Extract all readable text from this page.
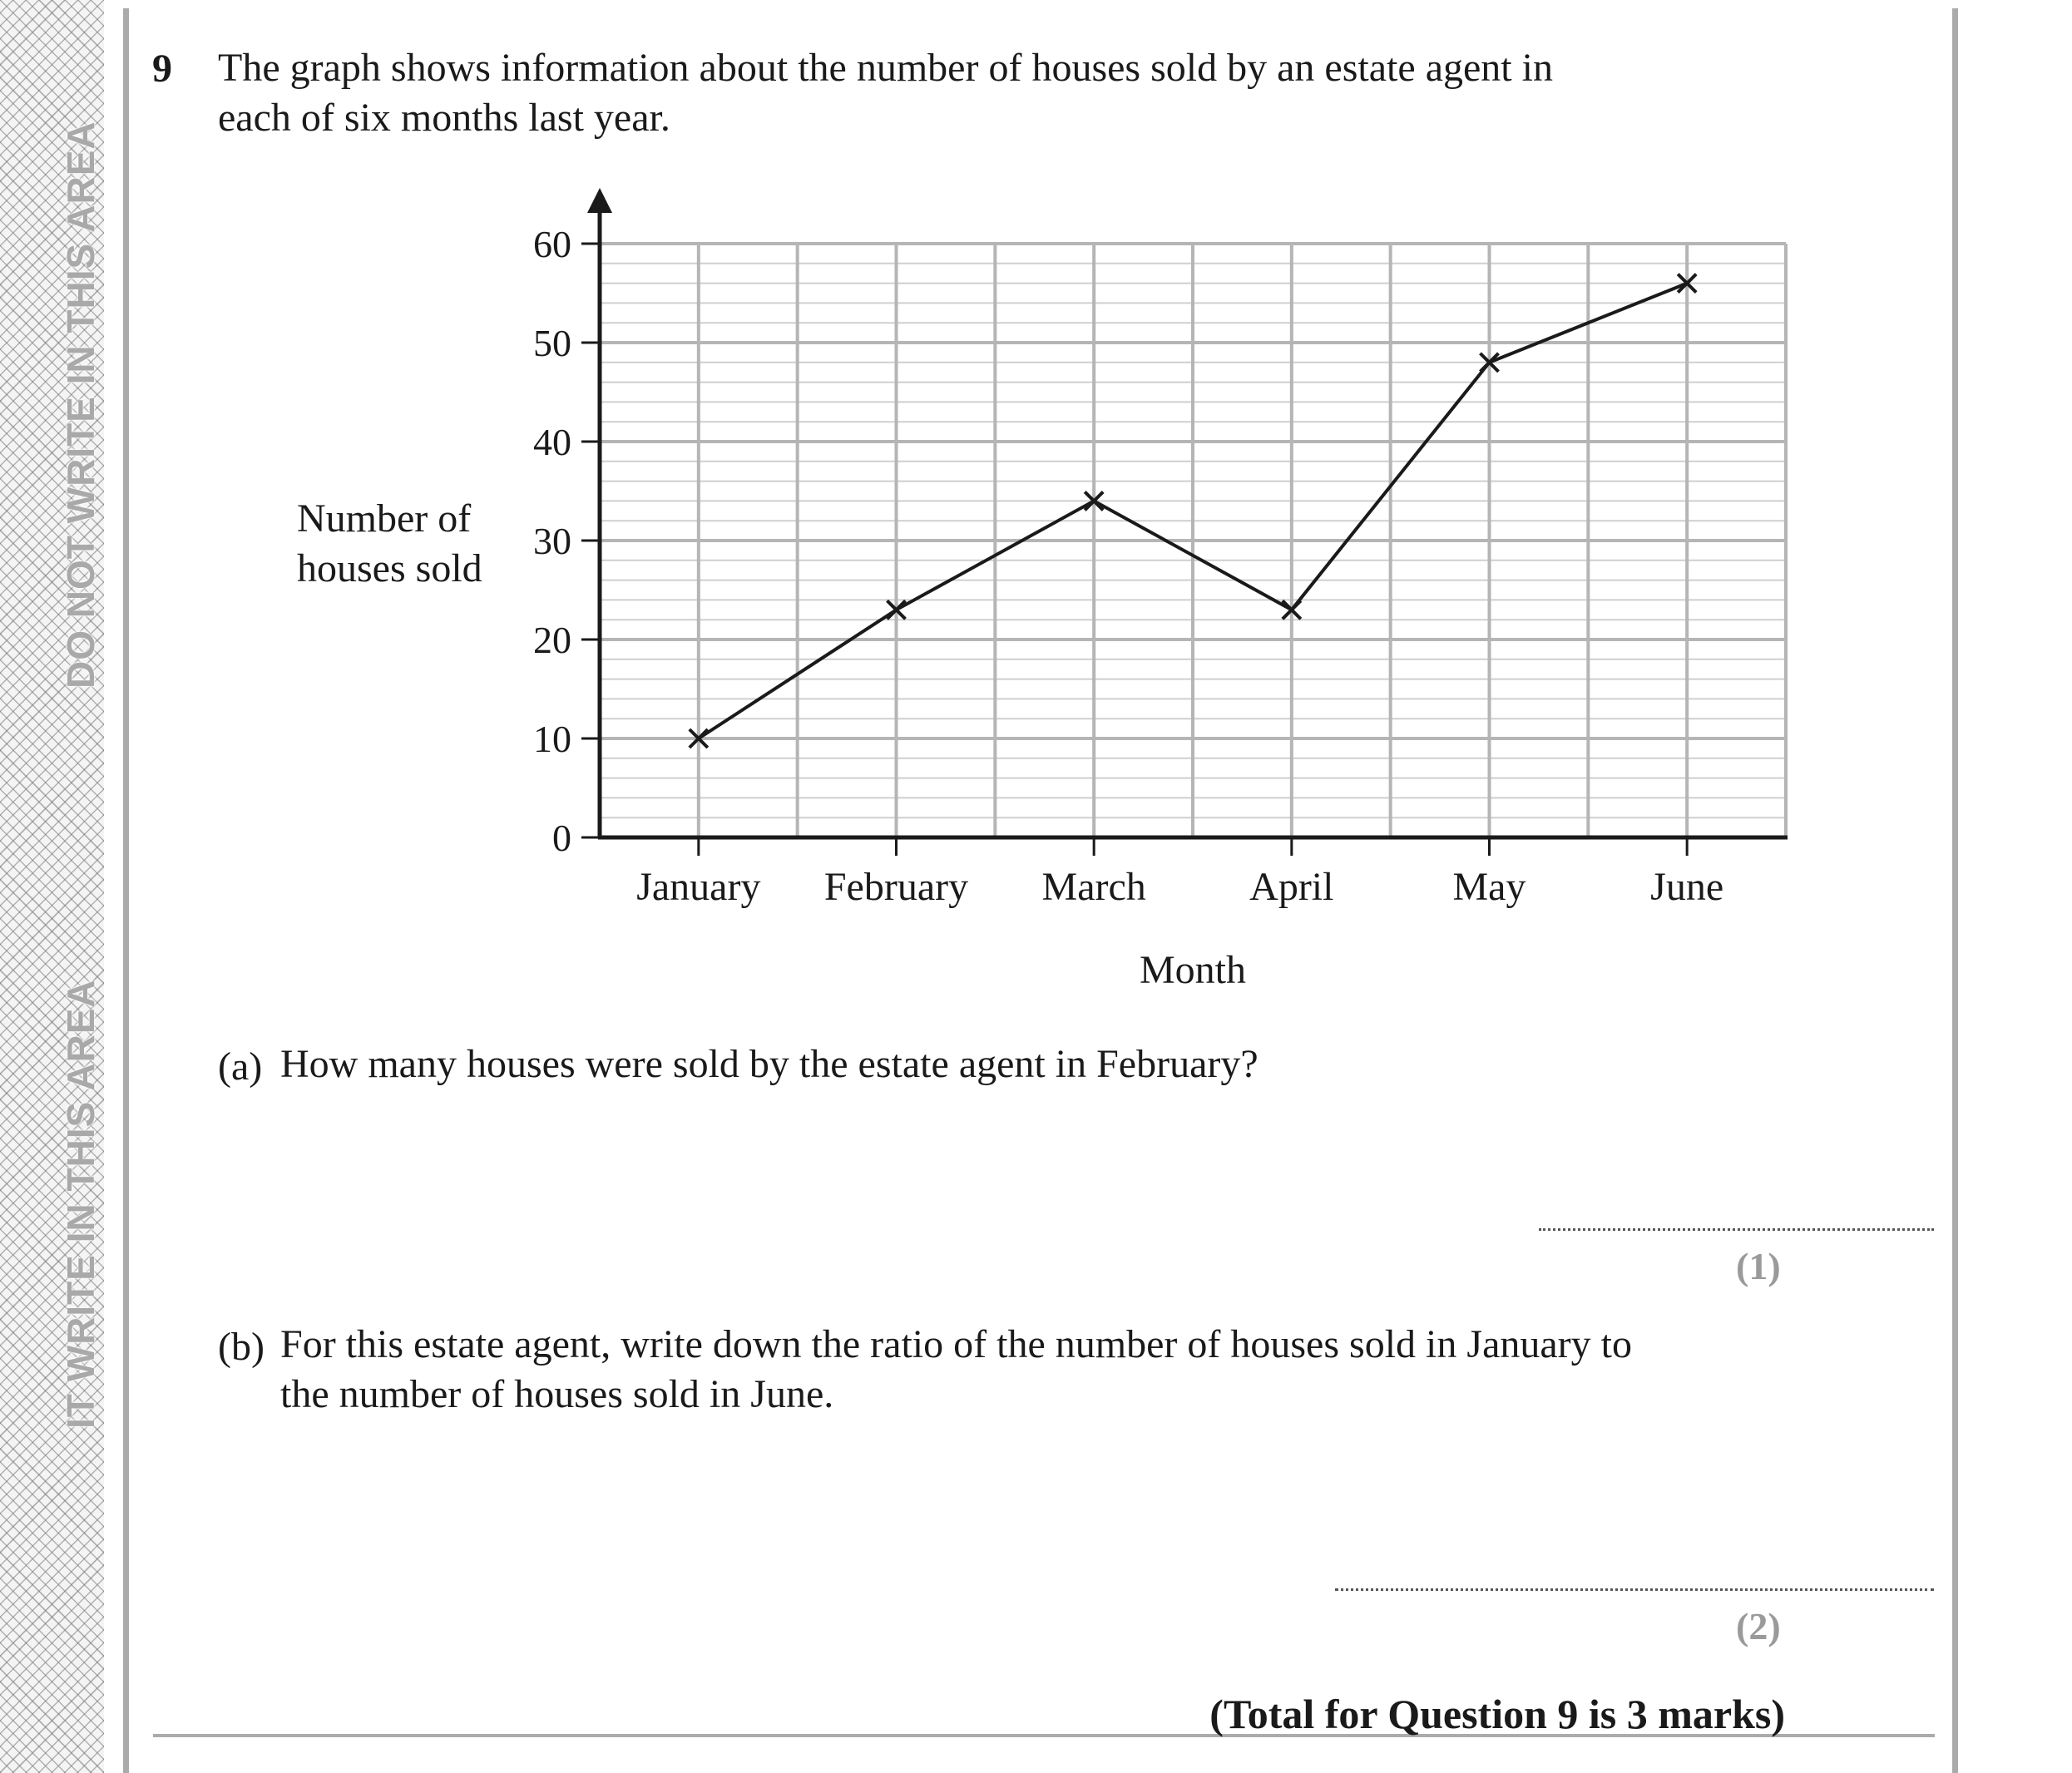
DO NOT WRITE IN THIS AREA
IT WRITE IN THIS AREA
9 The graph shows information about the number of houses sold by an estate agent in
each of six months last year.
Number of
houses sold
0
10
20
30
40
50
60
January February March	April	May	June
Month
(a) How many houses were sold by the estate agent in February?
(1)
(b) For this estate agent, write down the ratio of the number of houses sold in January to
the number of houses sold in June.
(2)
(Total for Question 9 is 3 marks)
